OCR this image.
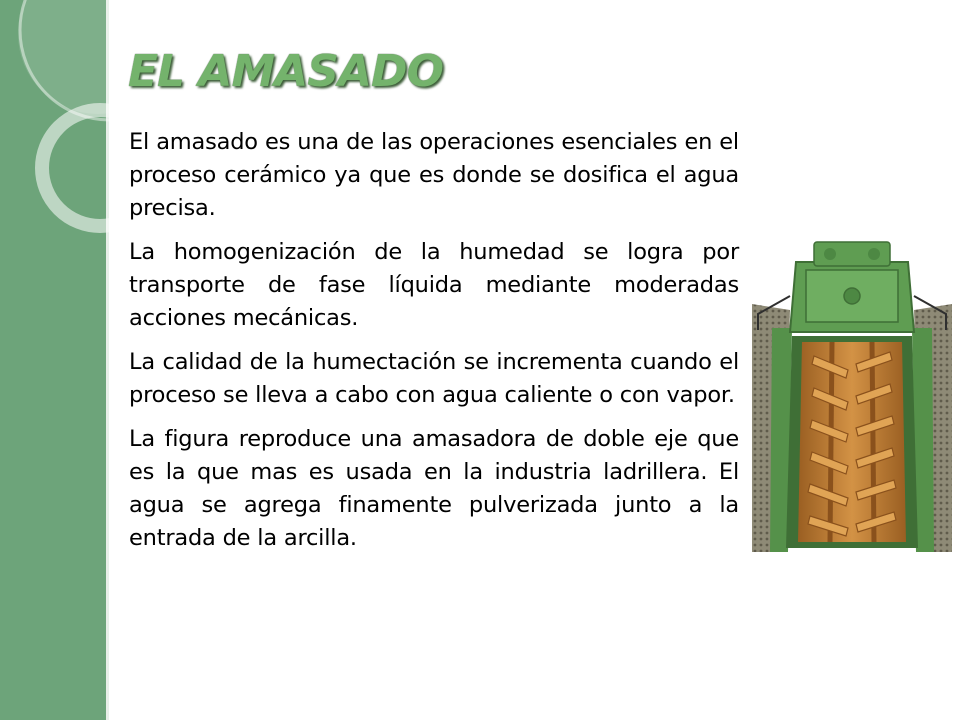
EL AMASADO

El amasado es una de las operaciones esenciales en el proceso cerámico ya que es donde se dosifica el agua precisa.

La homogenización de la humedad se logra por transporte de fase líquida mediante moderadas acciones mecánicas.

La calidad de la humectación se incrementa cuando el proceso se lleva a cabo con agua caliente o con vapor.

La figura reproduce una amasadora de doble eje que es la que mas es usada en la industria ladrillera. El agua se agrega finamente pulverizada junto a la entrada de la arcilla.
